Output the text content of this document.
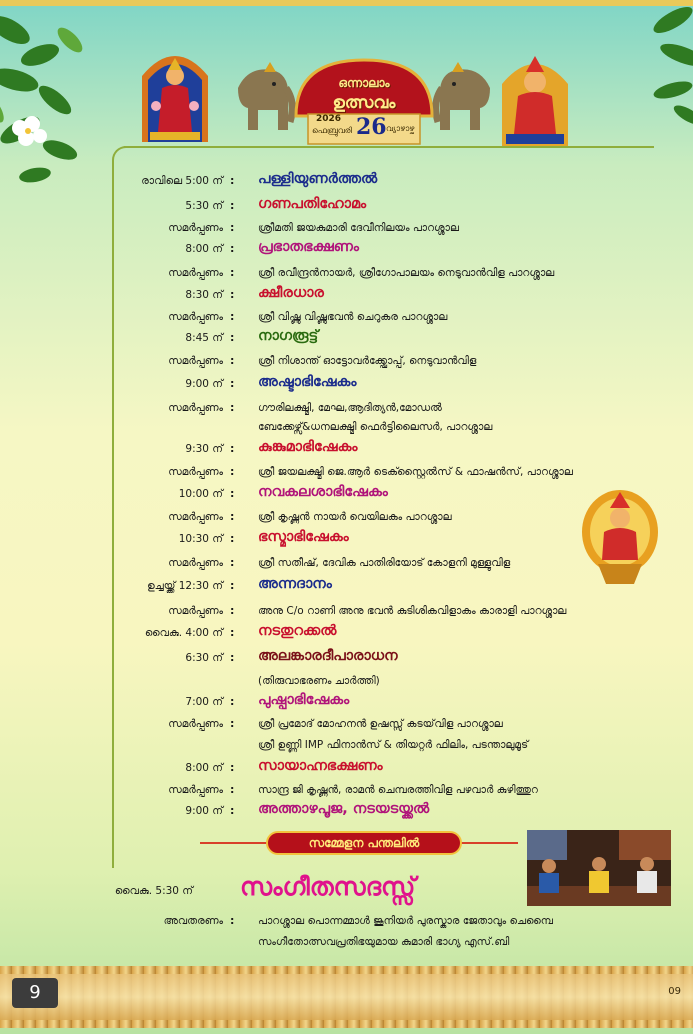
ഒന്നാലാം
ഉത്സവം
2026
ഫെബ്രുവരി 26 വ്യാഴാഴ്ച
രാവിലെ 5:00 ന് : പള്ളിയുണർത്തൽ
5:30 ന് : ഗണപതിഹോമം
സമർപ്പണം : ശ്രീമതി ജയകുമാരി ദേവീനിലയം പാറശ്ശാല
8:00 ന് : പ്രഭാതഭക്ഷണം
സമർപ്പണം : ശ്രീ രവീന്ദ്രൻനായർ, ശ്രീഗോപാലയം നെടുവാൻവിള പാറശ്ശാല
8:30 ന് : ക്ഷീരധാര
സമർപ്പണം : ശ്രീ വിഷ്ണു വിഷ്ണുഭവൻ ചെറുകര പാറശ്ശാല
8:45 ന് : നാഗരൂട്ട്
സമർപ്പണം : ശ്രീ നിശാന്ത് ഓട്ടോവർക്ക്ഷോപ്പ്, നെടുവാൻവിള
9:00 ന് : അഷ്ടാഭിഷേകം
സമർപ്പണം : ഗൗരിലക്ഷ്മി, മേഘ,ആദിത്യൻ,മോഡൽ
ബേക്കേഴ്സ്&ധനലക്ഷ്മി ഫെർട്ടിലൈസർ, പാറശ്ശാല
9:30 ന് : കുങ്കുമാഭിഷേകം
സമർപ്പണം : ശ്രീ ജയലക്ഷ്മി ജെ.ആർ ടെക്സ്റ്റൈൽസ് & ഫാഷൻസ്, പാറശ്ശാല
10:00 ന് : നവകലശാഭിഷേകം
സമർപ്പണം : ശ്രീ കൃഷ്ണൻ നായർ വെയിലകം പാറശ്ശാല
10:30 ന് : ഭസ്മാഭിഷേകം
സമർപ്പണം : ശ്രീ സതീഷ്, ദേവിക പാതിരിയോട് കോളനി മുള്ളുവിള
ഉച്ചയ്ക്ക് 12:30 ന് : അന്നദാനം
സമർപ്പണം : അനു C/o റാണി അനു ഭവൻ കുടിശികവിളാകം കാരാളി പാറശ്ശാല
വൈകു. 4:00 ന് : നടതുറക്കൽ
6:30 ന് : അലങ്കാരദീപാരാധന
(തിരുവാഭരണം ചാർത്തി)
7:00 ന് : പുഷ്പാഭിഷേകം
സമർപ്പണം : ശ്രീ പ്രമോദ് മോഹനൻ ഉഷസ്സ് കടയ്‌വിള പാറശ്ശാല
ശ്രീ ഉണ്ണി IMP ഫിനാൻസ് & തിയറ്റർ ഫിലിം, പടന്താലുമൂട്
8:00 ന് : സായാഹ്നഭക്ഷണം
സമർപ്പണം : സാന്ദ്ര ജി കൃഷ്ണൻ, രാമൻ ചെമ്പരത്തിവിള പഴവാർ കുഴിത്തുറ
9:00 ന് : അത്താഴപൂജ, നടയടയ്ക്കൽ
സമ്മേളന പന്തലിൽ
വൈകു. 5:30 ന് സംഗീതസദസ്സ്
അവതരണം : പാറശ്ശാല പൊന്നമ്മാൾ ജൂനിയർ പുരസ്കാര ജേതാവും ചെമ്പൈ
സംഗീതോത്സവപ്രതിഭയുമായ കുമാരി ഭാഗ്യ എസ്.ബി
9	09
